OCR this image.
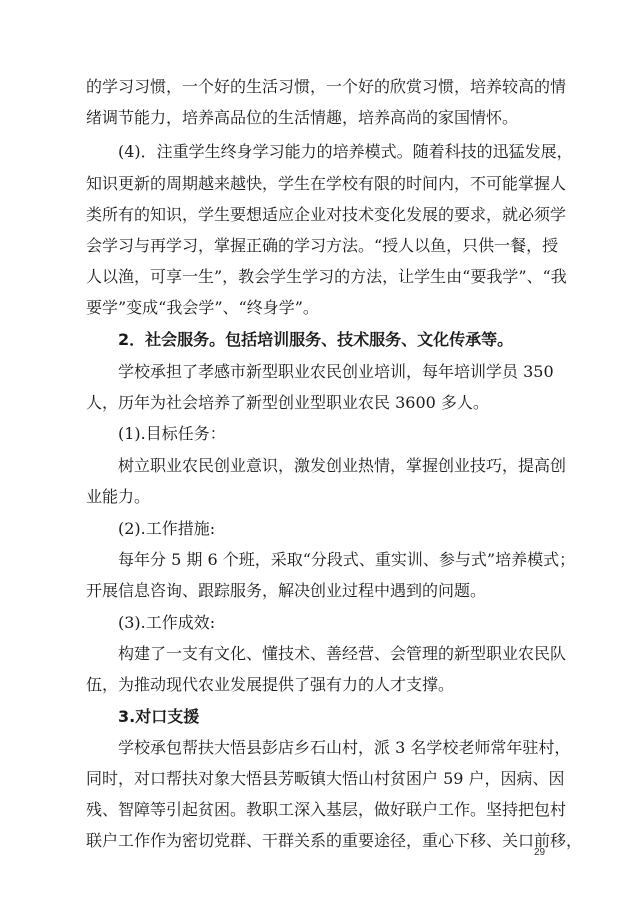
的学习习惯，一个好的生活习惯，一个好的欣赏习惯，培养较高的情
绪调节能力，培养高品位的生活情趣，培养高尚的家国情怀。
(4)．注重学生终身学习能力的培养模式。随着科技的迅猛发展，
知识更新的周期越来越快，学生在学校有限的时间内，不可能掌握人
类所有的知识，学生要想适应企业对技术变化发展的要求，就必须学
会学习与再学习，掌握正确的学习方法。“授人以鱼，只供一餐，授
人以渔，可享一生”，教会学生学习的方法，让学生由“要我学”、“我
要学”变成“我会学”、“终身学”。
2．社会服务。包括培训服务、技术服务、文化传承等。
学校承担了孝感市新型职业农民创业培训，每年培训学员 350
人，历年为社会培养了新型创业型职业农民 3600 多人。
(1).目标任务：
树立职业农民创业意识，激发创业热情，掌握创业技巧，提高创
业能力。
(2).工作措施:
每年分 5 期 6 个班，采取“分段式、重实训、参与式”培养模式；
开展信息咨询、跟踪服务，解决创业过程中遇到的问题。
(3).工作成效:
构建了一支有文化、懂技术、善经营、会管理的新型职业农民队
伍，为推动现代农业发展提供了强有力的人才支撑。
3.对口支援
学校承包帮扶大悟县彭店乡石山村，派 3 名学校老师常年驻村，
同时，对口帮扶对象大悟县芳畈镇大悟山村贫困户 59 户，因病、因
残、智障等引起贫困。教职工深入基层，做好联户工作。坚持把包村
联户工作作为密切党群、干群关系的重要途径，重心下移、关口前移，
29
